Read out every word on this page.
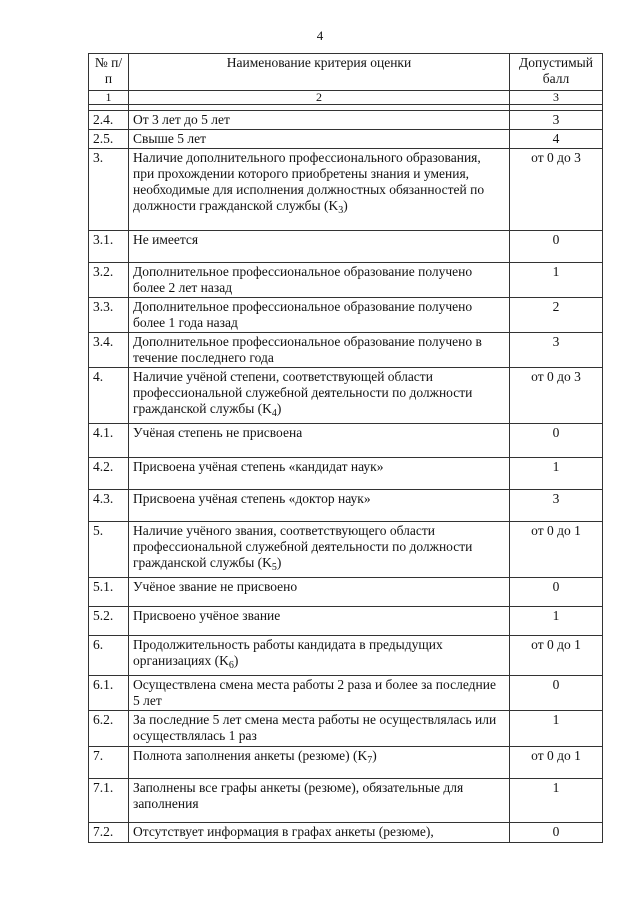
4
№ п/п	Наименование критерия оценки	Допустимый балл
1	2	3

2.4.	От 3 лет до 5 лет	3
2.5.	Свыше 5 лет	4
3.	Наличие дополнительного профессионального образования, при прохождении которого приобретены знания и умения, необходимые для исполнения должностных обязанностей по должности гражданской службы $(K_3)$	от 0 до 3
3.1.	Не имеется	0
3.2.	Дополнительное профессиональное образование получено более 2 лет назад	1
3.3.	Дополнительное профессиональное образование получено более 1 года назад	2
3.4.	Дополнительное профессиональное образование получено в течение последнего года	3
4.	Наличие учёной степени, соответствующей области профессиональной служебной деятельности по должности гражданской службы $(K_4)$	от 0 до 3
4.1.	Учёная степень не присвоена	0
4.2.	Присвоена учёная степень «кандидат наук»	1
4.3.	Присвоена учёная степень «доктор наук»	3
5.	Наличие учёного звания, соответствующего области профессиональной служебной деятельности по должности гражданской службы $(K_5)$	от 0 до 1
5.1.	Учёное звание не присвоено	0
5.2.	Присвоено учёное звание	1
6.	Продолжительность работы кандидата в предыдущих организациях $(K_6)$	от 0 до 1
6.1.	Осуществлена смена места работы 2 раза и более за последние 5 лет	0
6.2.	За последние 5 лет смена места работы не осуществлялась или осуществлялась 1 раз	1
7.	Полнота заполнения анкеты (резюме) $(K_7)$	от 0 до 1
7.1.	Заполнены все графы анкеты (резюме), обязательные для заполнения	1
7.2.	Отсутствует информация в графах анкеты (резюме),	0
